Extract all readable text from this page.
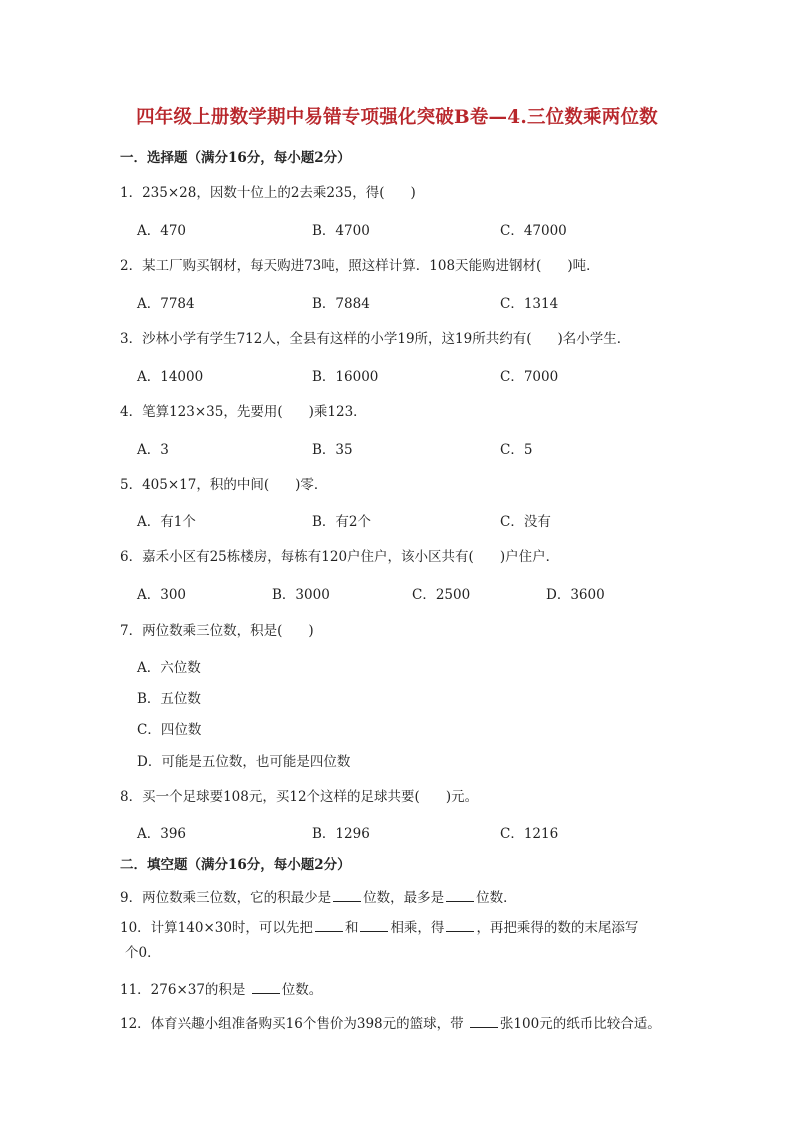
四年级上册数学期中易错专项强化突破B卷—4.三位数乘两位数
一．选择题（满分16分，每小题2分）
1．235×28，因数十位上的2去乘235，得( )
A．470	B．4700	C．47000
2．某工厂购买钢材，每天购进73吨，照这样计算．108天能购进钢材( )吨．
A．7784	B．7884	C．1314
3．沙林小学有学生712人，全县有这样的小学19所，这19所共约有( )名小学生．
A．14000	B．16000	C．7000
4．笔算123×35，先要用( )乘123．
A．3	B．35	C．5
5．405×17，积的中间( )零．
A．有1个	B．有2个	C．没有
6．嘉禾小区有25栋楼房，每栋有120户住户，该小区共有( )户住户．
A．300	B．3000	C．2500	D．3600
7．两位数乘三位数，积是( )
A．六位数
B．五位数
C．四位数
D．可能是五位数，也可能是四位数
8．买一个足球要108元，买12个这样的足球共要( )元。
A．396	B．1296	C．1216
二．填空题（满分16分，每小题2分）
9．两位数乘三位数，它的积最少是 位数，最多是 位数．
10．计算140×30时，可以先把 和 相乘，得 ，再把乘得的数的末尾添写
个0．
11．276×37的积是 位数。
12．体育兴趣小组准备购买16个售价为398元的篮球，带 张100元的纸币比较合适。
